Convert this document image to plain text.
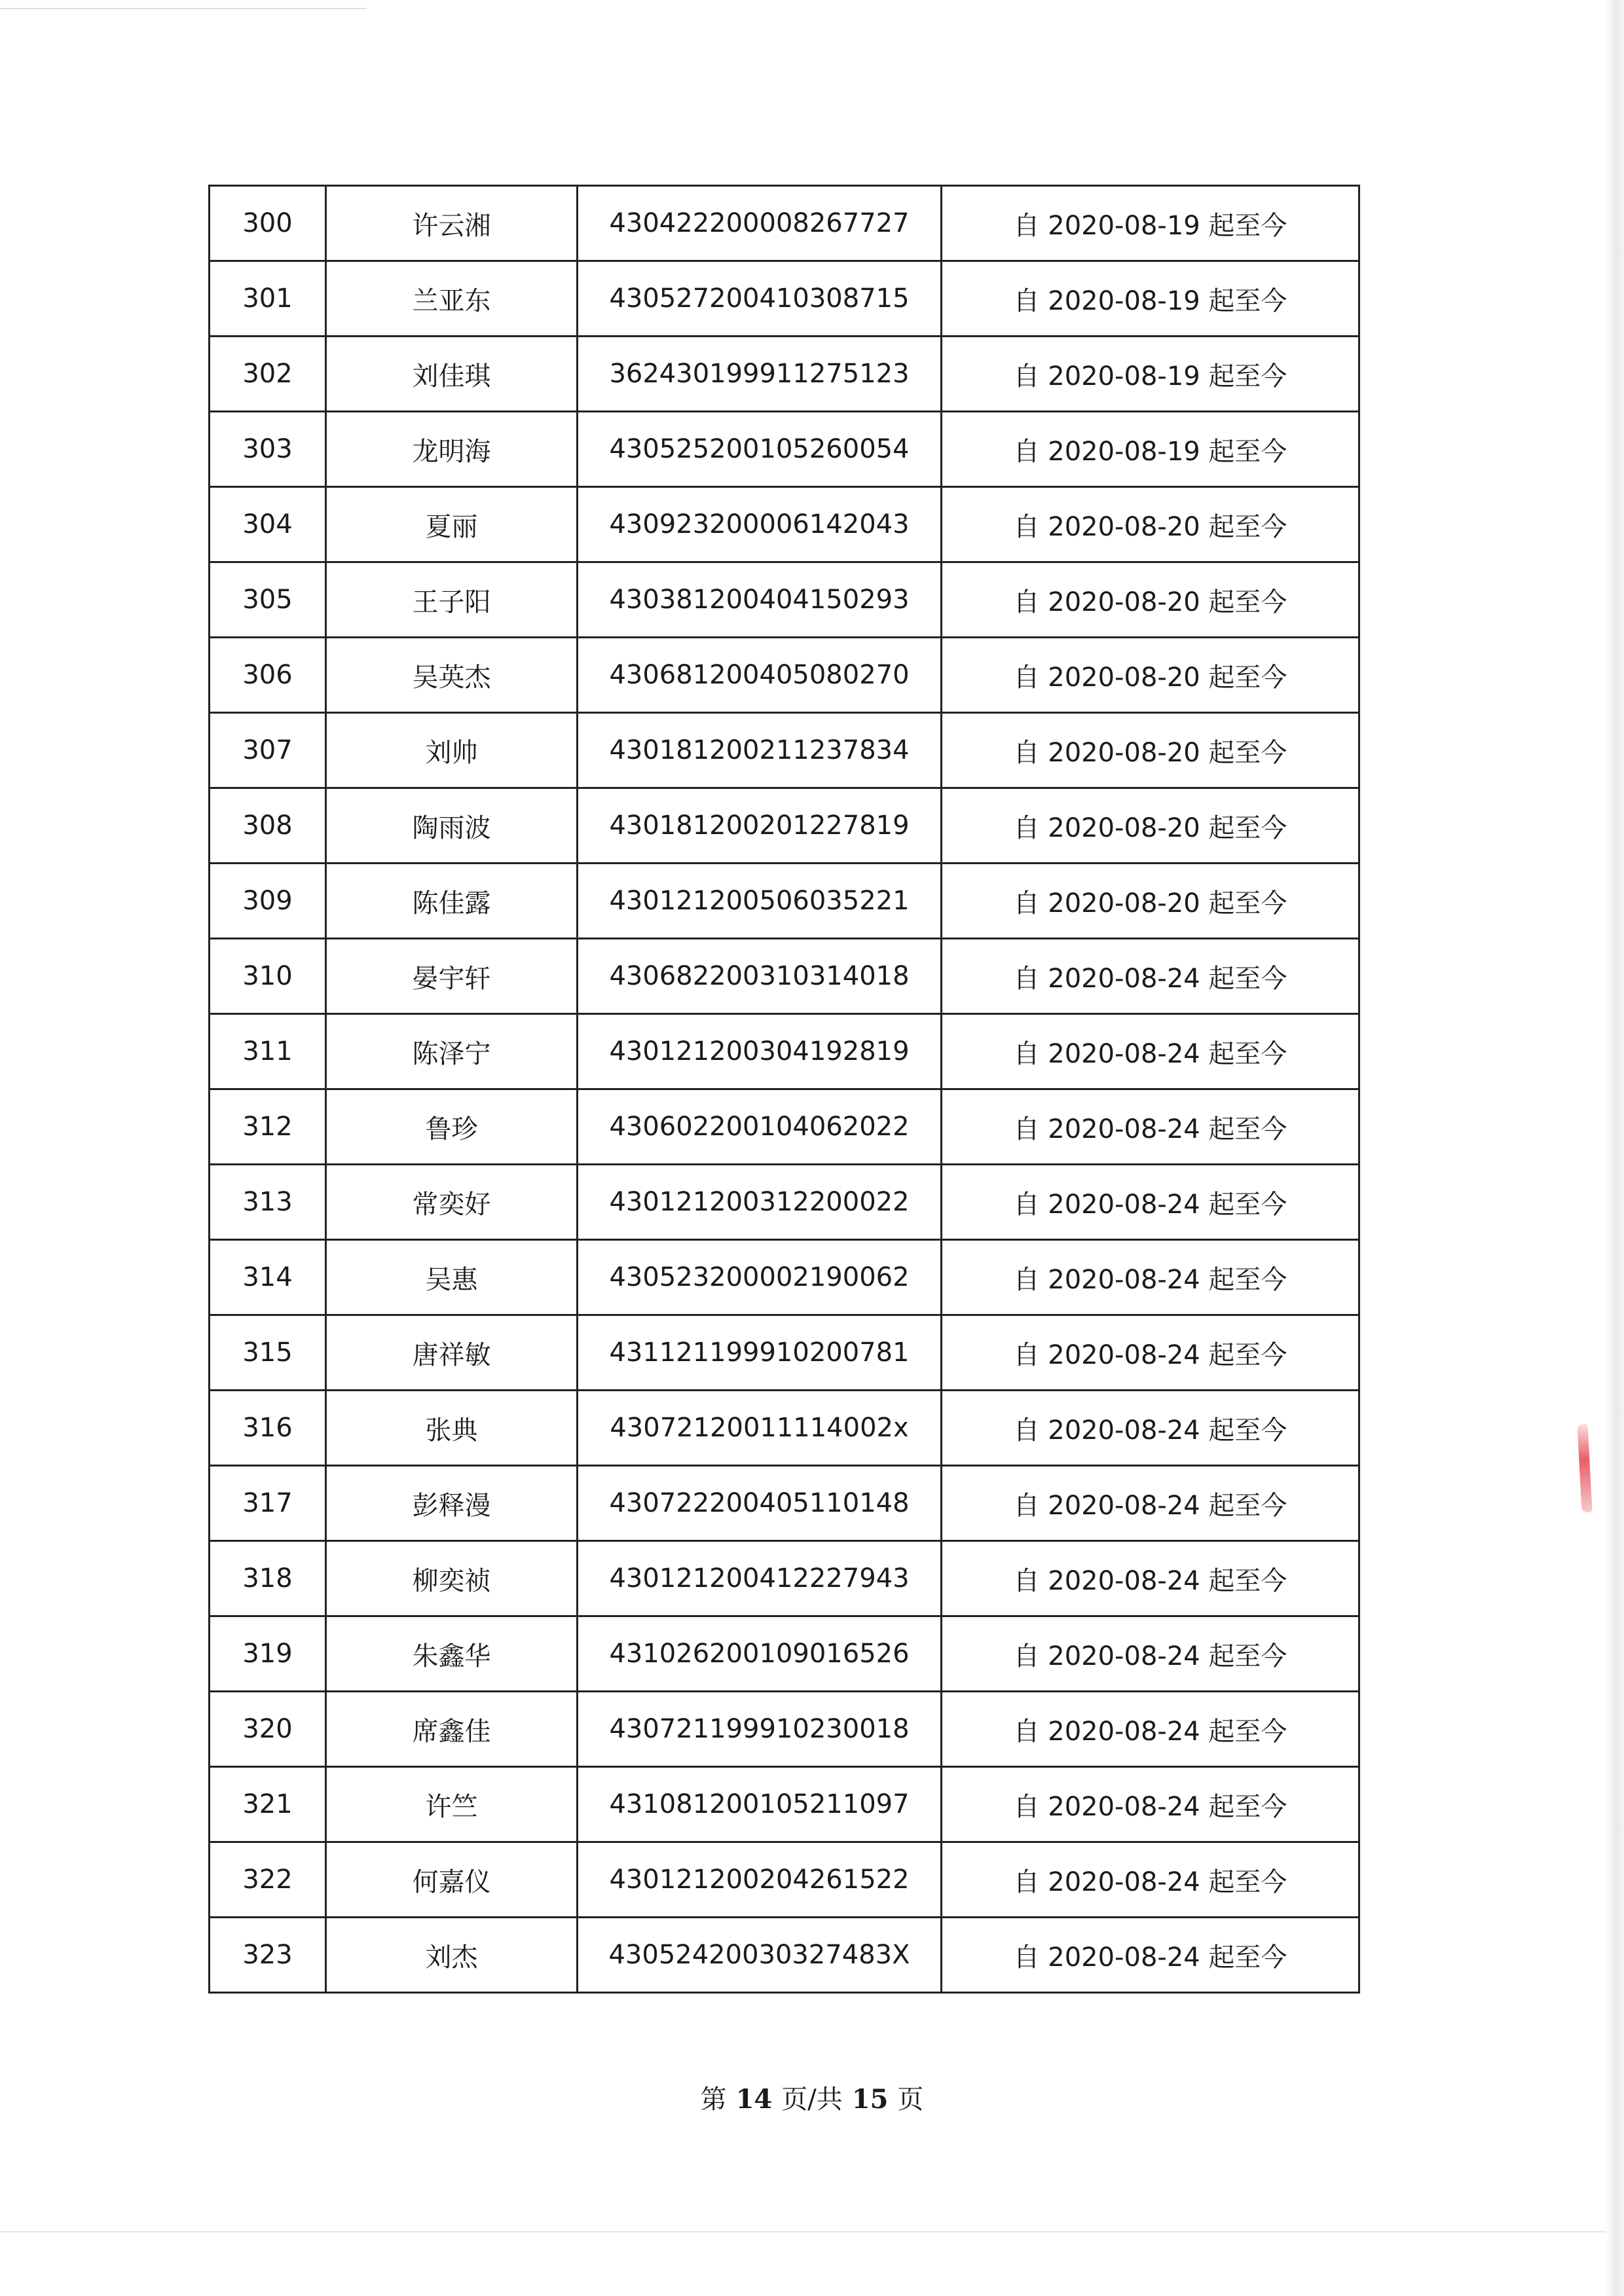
300	许云湘	430422200008267727	自 2020-08-19 起至今
301	兰亚东	430527200410308715	自 2020-08-19 起至今
302	刘佳琪	362430199911275123	自 2020-08-19 起至今
303	龙明海	430525200105260054	自 2020-08-19 起至今
304	夏丽	430923200006142043	自 2020-08-20 起至今
305	王子阳	430381200404150293	自 2020-08-20 起至今
306	吴英杰	430681200405080270	自 2020-08-20 起至今
307	刘帅	430181200211237834	自 2020-08-20 起至今
308	陶雨波	430181200201227819	自 2020-08-20 起至今
309	陈佳露	430121200506035221	自 2020-08-20 起至今
310	晏宇轩	430682200310314018	自 2020-08-24 起至今
311	陈泽宁	430121200304192819	自 2020-08-24 起至今
312	鲁珍	430602200104062022	自 2020-08-24 起至今
313	常奕好	430121200312200022	自 2020-08-24 起至今
314	吴惠	430523200002190062	自 2020-08-24 起至今
315	唐祥敏	431121199910200781	自 2020-08-24 起至今
316	张典	43072120011114002x	自 2020-08-24 起至今
317	彭释漫	430722200405110148	自 2020-08-24 起至今
318	柳奕祯	430121200412227943	自 2020-08-24 起至今
319	朱鑫华	431026200109016526	自 2020-08-24 起至今
320	席鑫佳	430721199910230018	自 2020-08-24 起至今
321	许竺	431081200105211097	自 2020-08-24 起至今
322	何嘉仪	430121200204261522	自 2020-08-24 起至今
323	刘杰	43052420030327483X	自 2020-08-24 起至今
第 14 页/共 15 页
